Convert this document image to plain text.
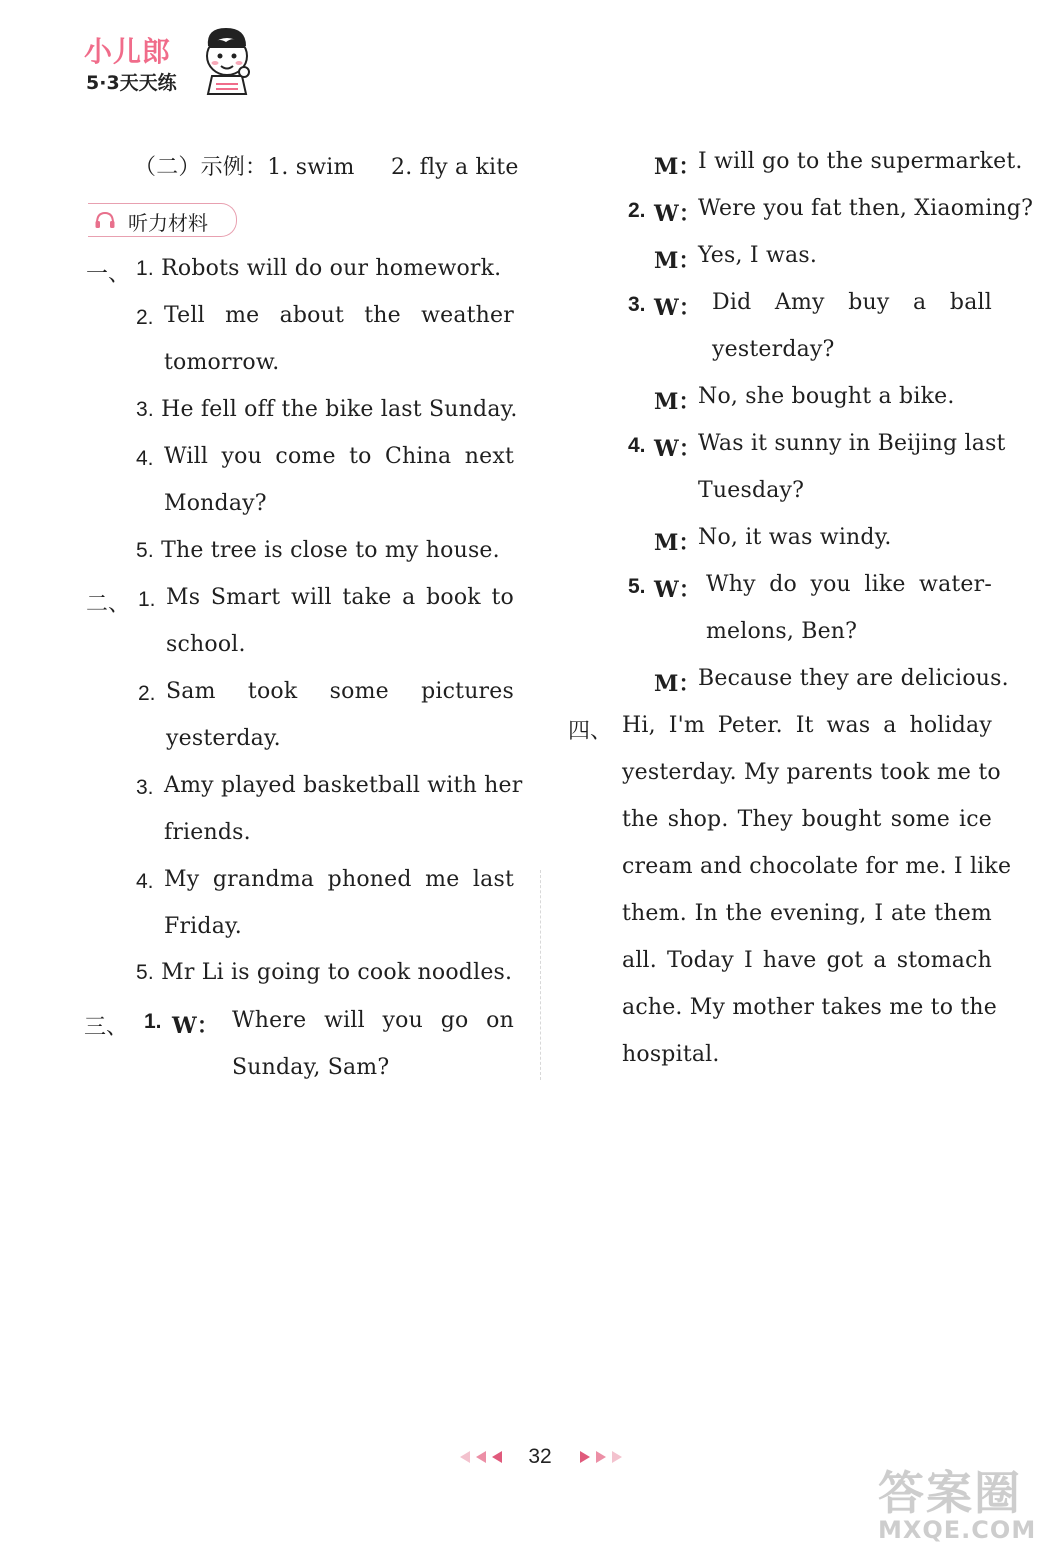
小儿郎
5·3天天练
（二）示例：1. swim 2. fly a kite
听力材料
一、 1. Robots will do our homework.
2. Tell me about the weather
tomorrow.
3. He fell off the bike last Sunday.
4. Will you come to China next
Monday?
5. The tree is close to my house.
二、 1. Ms Smart will take a book to
school.
2. Sam took some pictures
yesterday.
3. Amy played basketball with her
friends.
4. My grandma phoned me last
Friday.
5. Mr Li is going to cook noodles.
三、 1. W： Where will you go on
Sunday, Sam?
M：
I will go to the supermarket.
2. W：
Were you fat then, Xiaoming?
M：
Yes, I was.
3. W： Did Amy buy a ball
yesterday?
M：
No, she bought a bike.
4. W：
Was it sunny in Beijing last
Tuesday?
M：
No, it was windy.
5. W： Why do you like water-
melons, Ben?
M：
Because they are delicious.
四、 Hi, I'm Peter. It was a holiday
yesterday. My parents took me to
the shop. They bought some ice
cream and chocolate for me. I like
them. In the evening, I ate them
all. Today I have got a stomach
ache. My mother takes me to the
hospital.
32
答案圈
MXQE.COM
